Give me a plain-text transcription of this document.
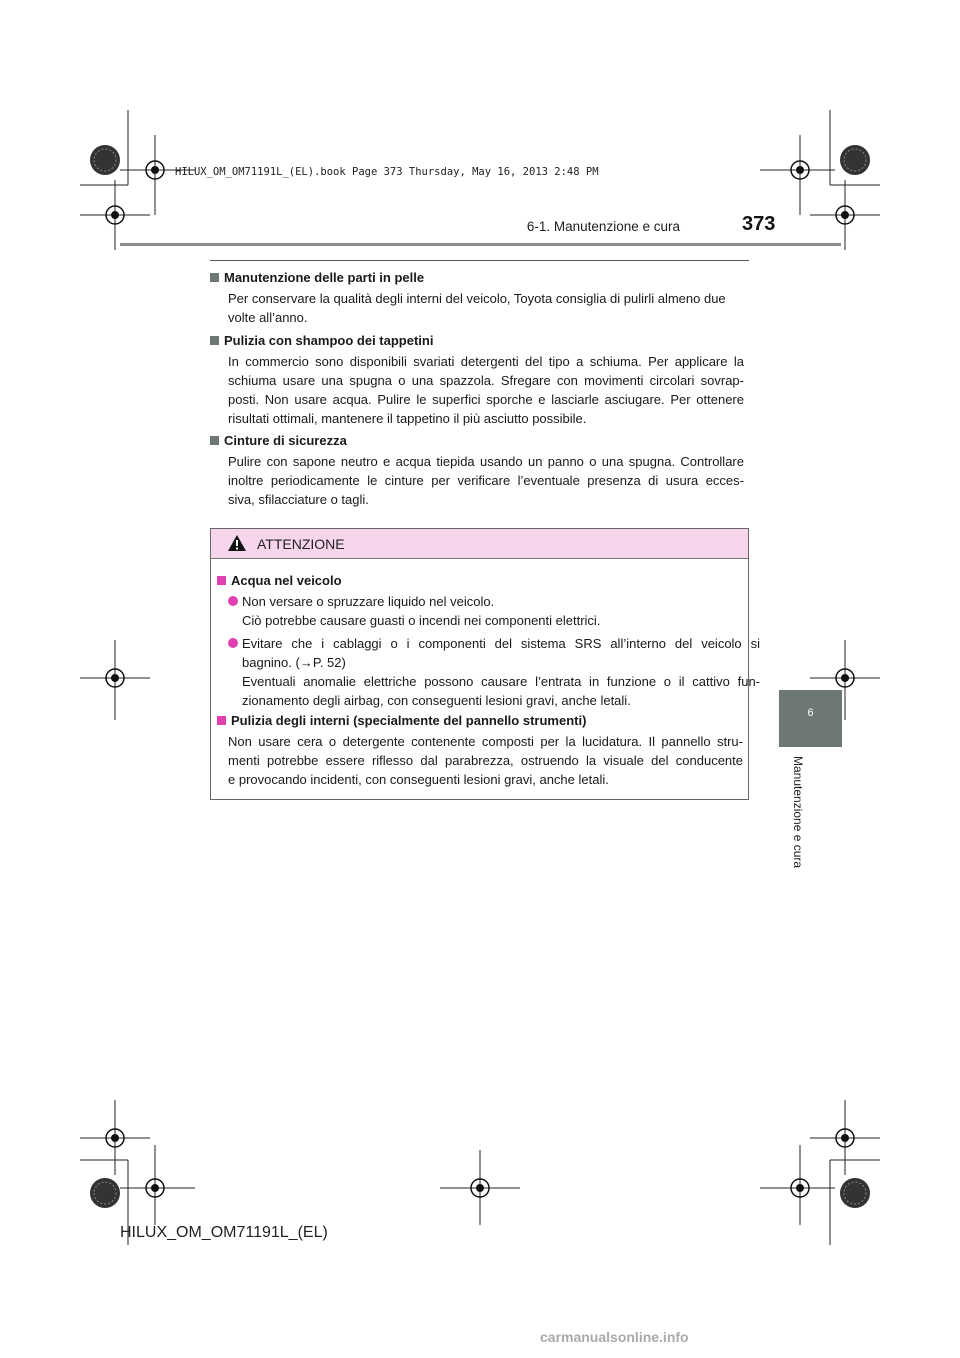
HILUX_OM_OM71191L_(EL).book Page 373 Thursday, May 16, 2013 2:48 PM
6-1. Manutenzione e cura	373
6
Manutenzione e cura
Manutenzione delle parti in pelle

Per conservare la qualità degli interni del veicolo, Toyota consiglia di pulirli almeno due

volte all’anno.

Pulizia con shampoo dei tappetini

In commercio sono disponibili svariati detergenti del tipo a schiuma. Per applicare la

schiuma usare una spugna o una spazzola. Sfregare con movimenti circolari sovrap-

posti. Non usare acqua. Pulire le superfici sporche e lasciarle asciugare. Per ottenere

risultati ottimali, mantenere il tappetino il più asciutto possibile.

Cinture di sicurezza

Pulire con sapone neutro e acqua tiepida usando un panno o una spugna. Controllare

inoltre periodicamente le cinture per verificare l’eventuale presenza di usura ecces-

siva, sfilacciature o tagli.

ATTENZIONE
Acqua nel veicolo

Non versare o spruzzare liquido nel veicolo.

Ciò potrebbe causare guasti o incendi nei componenti elettrici.

Evitare che i cablaggi o i componenti del sistema SRS all’interno del veicolo si

bagnino. (→P. 52)

Eventuali anomalie elettriche possono causare l’entrata in funzione o il cattivo fun-

zionamento degli airbag, con conseguenti lesioni gravi, anche letali.

Pulizia degli interni (specialmente del pannello strumenti)

Non usare cera o detergente contenente composti per la lucidatura. Il pannello stru-

menti potrebbe essere riflesso dal parabrezza, ostruendo la visuale del conducente

e provocando incidenti, con conseguenti lesioni gravi, anche letali.

HILUX_OM_OM71191L_(EL)
carmanualsonline.info
